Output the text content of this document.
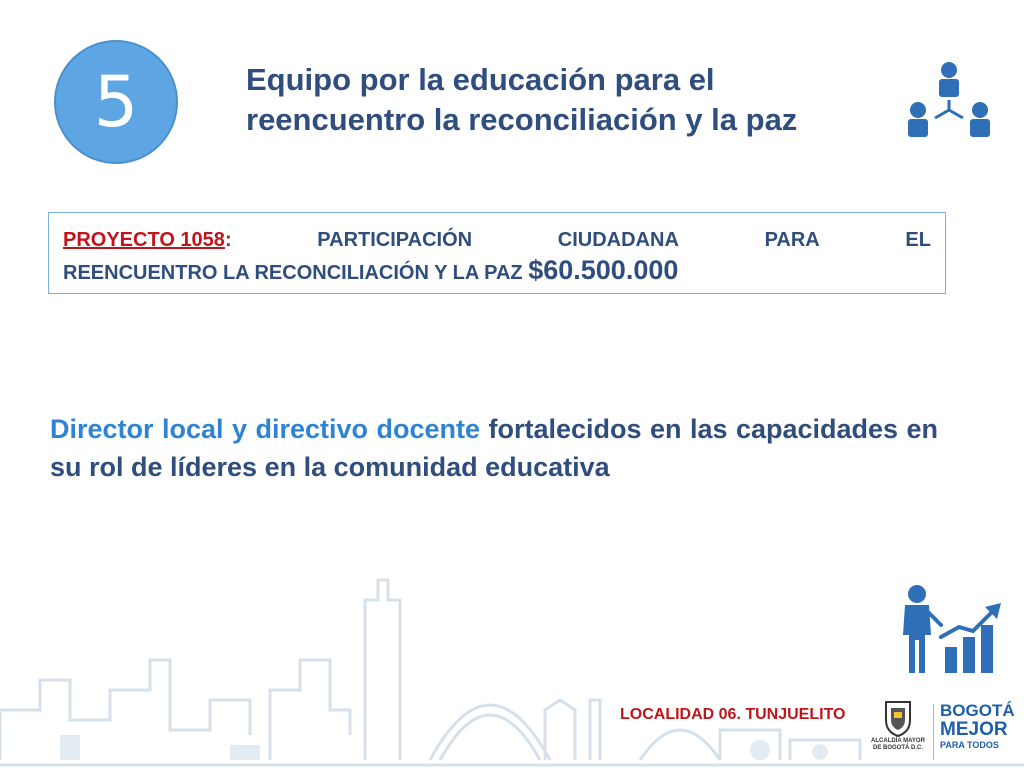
5	Equipo por la educación para el
reencuentro la reconciliación y la paz
PROYECTO 1058:	PARTICIPACIÓN	CIUDADANA	PARA	EL
REENCUENTRO LA RECONCILIACIÓN Y LA PAZ $60.500.000
Director local y directivo docente fortalecidos en las capacidades en su rol de líderes en la comunidad educativa
LOCALIDAD 06. TUNJUELITO
ALCALDÍA MAYOR
DE BOGOTÁ D.C.
BOGOTÁ
MEJOR
PARA TODOS
